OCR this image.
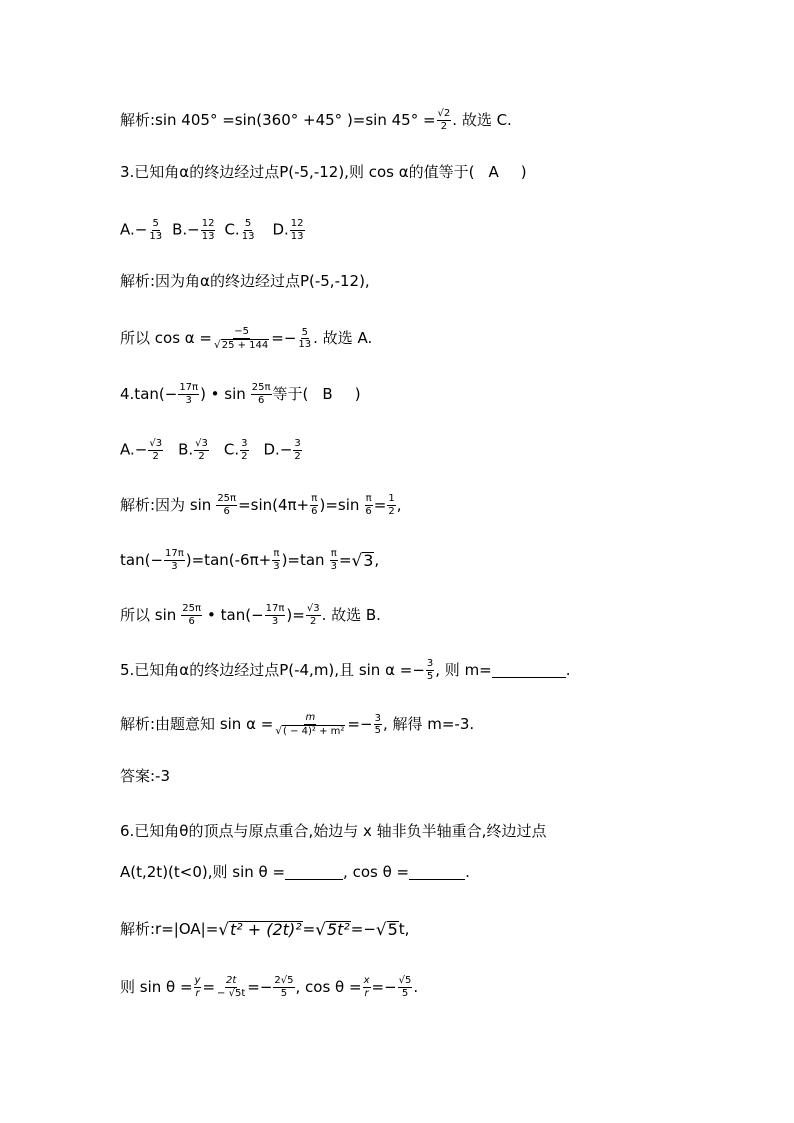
解析:sin 405° =sin(360° +45° )=sin $45^\circ = \frac{√2}{2}$ . 故选 C.
3.已知角α的终边经过点P(-5,-12),则 cos α的值等于( A )
$A.- \frac{5}{13} B.- \frac{12}{13} C$. $\frac{5}{13} D$. $\frac{12}{13}$
解析:因为角α的终边经过点P(-5,-12),
所以 $\cos \alpha = \frac{-5}{√ 25 + 144} =- \frac{5}{13}$ . 故选 A.
$4.\tan(- \frac{17\pi}{3}$ ) • $\sin \frac{25\pi}{6}$ 等于( B )
$A.- \frac{√3}{2} B$. $\frac{√3}{2} C$. $\frac{3}{2} D.- \frac{3}{2}$
解析:因为 $\sin \frac{25\pi}{6} =\sin(4\pi+ \frac{\pi}{6} )=\sin \frac{\pi}{6} = \frac{1}{2}$ ,
$\tan( - \frac{17\pi}{3} )=\tan(-6\pi+ \frac{\pi}{3} )=\tan \frac{\pi}{3}$ = √ 3 ,
所以 $\sin \frac{25\pi}{6}$ • $\tan( - \frac{17\pi}{3}$ )= $\frac{√3}{2}$ . 故选 B.
5.已知角α的终边经过点P(-4,m),且 sin α = − $\frac{3}{5}$ , 则 m=	.
解析:由题意知 $\sin \alpha = \frac{m}{\text{√ ( − 4)² + m²}} =- \frac{3}{5}$ , 解得 m=-3.
答案:-3
6.已知角θ的顶点与原点重合,始边与 x 轴非负半轴重合,终边过点
A(t,2t)(t<0),则 sin θ =	, cos θ =	.
解析:r=|OA|= √ t² + (2t)² = √ 5t² =− √ 5 t,
则 $\sin \theta = \frac{y}{r} = \frac{2t}{- √5t} =- \frac{2√5}{5}$ , $\cos \theta = \frac{x}{r} =- \frac{√5}{5}$ .
